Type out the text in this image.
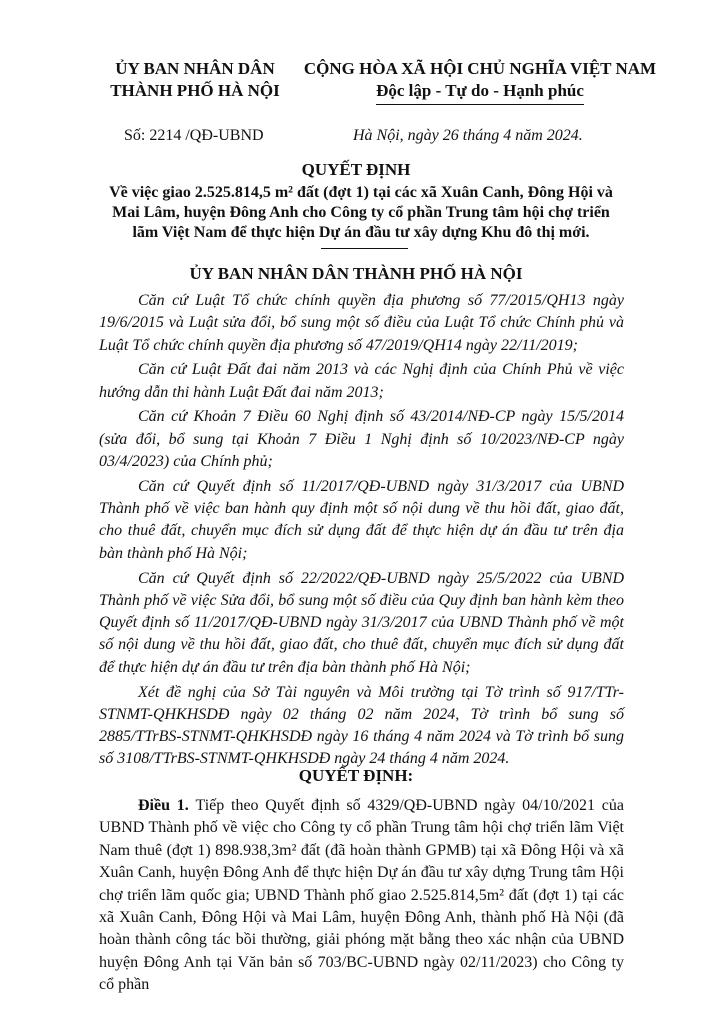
ỦY BAN NHÂN DÂN
THÀNH PHỐ HÀ NỘI
CỘNG HÒA XÃ HỘI CHỦ NGHĨA VIỆT NAM
Độc lập - Tự do - Hạnh phúc
Số: 2214 /QĐ-UBND	Hà Nội, ngày 26 tháng 4 năm 2024.
QUYẾT ĐỊNH
Về việc giao 2.525.814,5 m² đất (đợt 1) tại các xã Xuân Canh, Đông Hội và Mai Lâm, huyện Đông Anh cho Công ty cổ phần Trung tâm hội chợ triển lãm Việt Nam để thực hiện Dự án đầu tư xây dựng Khu đô thị mới.
ỦY BAN NHÂN DÂN THÀNH PHỐ HÀ NỘI

Căn cứ Luật Tổ chức chính quyền địa phương số 77/2015/QH13 ngày 19/6/2015 và Luật sửa đổi, bổ sung một số điều của Luật Tổ chức Chính phủ và Luật Tổ chức chính quyền địa phương số 47/2019/QH14 ngày 22/11/2019;

Căn cứ Luật Đất đai năm 2013 và các Nghị định của Chính Phủ về việc hướng dẫn thi hành Luật Đất đai năm 2013;

Căn cứ Khoản 7 Điều 60 Nghị định số 43/2014/NĐ-CP ngày 15/5/2014 (sửa đổi, bổ sung tại Khoản 7 Điều 1 Nghị định số 10/2023/NĐ-CP ngày 03/4/2023) của Chính phủ;

Căn cứ Quyết định số 11/2017/QĐ-UBND ngày 31/3/2017 của UBND Thành phố về việc ban hành quy định một số nội dung về thu hồi đất, giao đất, cho thuê đất, chuyển mục đích sử dụng đất để thực hiện dự án đầu tư trên địa bàn thành phố Hà Nội;

Căn cứ Quyết định số 22/2022/QĐ-UBND ngày 25/5/2022 của UBND Thành phố về việc Sửa đổi, bổ sung một số điều của Quy định ban hành kèm theo Quyết định số 11/2017/QĐ-UBND ngày 31/3/2017 của UBND Thành phố về một số nội dung về thu hồi đất, giao đất, cho thuê đất, chuyển mục đích sử dụng đất để thực hiện dự án đầu tư trên địa bàn thành phố Hà Nội;

Xét đề nghị của Sở Tài nguyên và Môi trường tại Tờ trình số 917/TTr-STNMT-QHKHSDĐ ngày 02 tháng 02 năm 2024, Tờ trình bổ sung số 2885/TTrBS-STNMT-QHKHSDĐ ngày 16 tháng 4 năm 2024 và Tờ trình bổ sung số 3108/TTrBS-STNMT-QHKHSDĐ ngày 24 tháng 4 năm 2024.

QUYẾT ĐỊNH:
Điều 1. Tiếp theo Quyết định số 4329/QĐ-UBND ngày 04/10/2021 của UBND Thành phố về việc cho Công ty cổ phần Trung tâm hội chợ triển lãm Việt Nam thuê (đợt 1) 898.938,3m² đất (đã hoàn thành GPMB) tại xã Đông Hội và xã Xuân Canh, huyện Đông Anh để thực hiện Dự án đầu tư xây dựng Trung tâm Hội chợ triển lãm quốc gia; UBND Thành phố giao 2.525.814,5m² đất (đợt 1) tại các xã Xuân Canh, Đông Hội và Mai Lâm, huyện Đông Anh, thành phố Hà Nội (đã hoàn thành công tác bồi thường, giải phóng mặt bằng theo xác nhận của UBND huyện Đông Anh tại Văn bản số 703/BC-UBND ngày 02/11/2023) cho Công ty cổ phần
